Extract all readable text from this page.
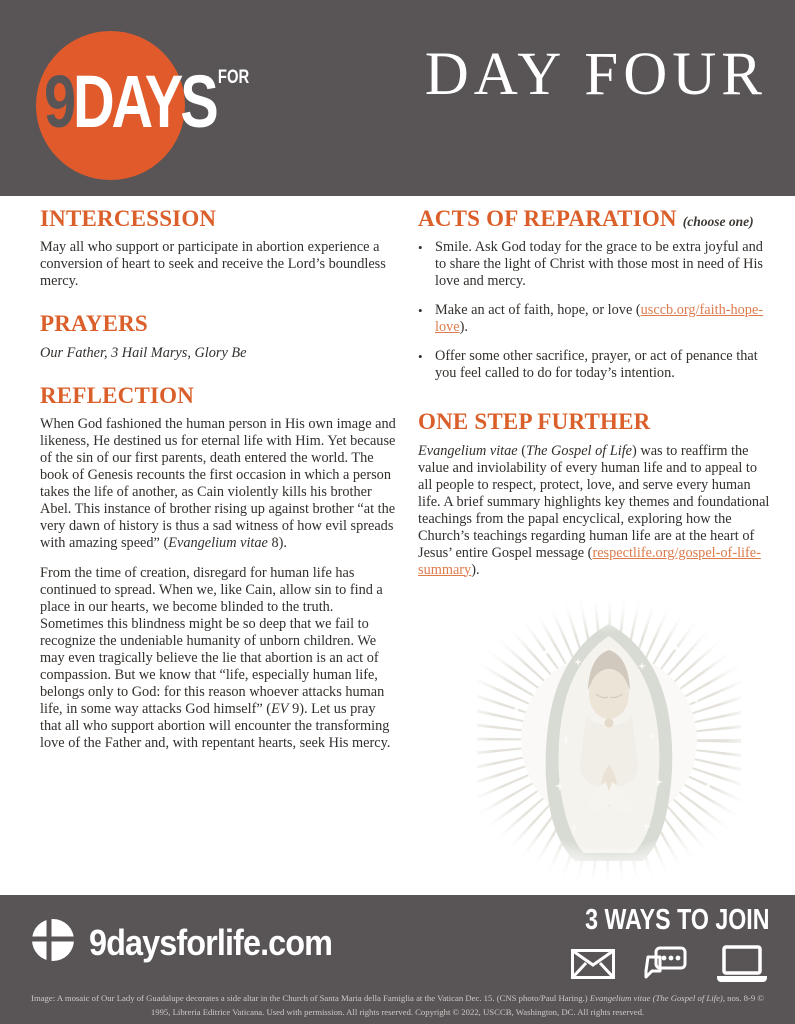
9 DAYS FOR
LIFE
DAY FOUR
INTERCESSION

May all who support or participate in abortion experience a conversion of heart to seek and receive the Lord’s boundless mercy.

PRAYERS

Our Father, 3 Hail Marys, Glory Be

REFLECTION

When God fashioned the human person in His own image and likeness, He destined us for eternal life with Him. Yet because of the sin of our first parents, death entered the world. The book of Genesis recounts the first occasion in which a person takes the life of another, as Cain violently kills his brother Abel. This instance of brother rising up against brother “at the very dawn of history is thus a sad witness of how evil spreads with amazing speed” (Evangelium vitae 8).

From the time of creation, disregard for human life has continued to spread. When we, like Cain, allow sin to find a place in our hearts, we become blinded to the truth. Sometimes this blindness might be so deep that we fail to recognize the undeniable humanity of unborn children. We may even tragically believe the lie that abortion is an act of compassion. But we know that “life, especially human life, belongs only to God: for this reason whoever attacks human life, in some way attacks God himself” (EV 9). Let us pray that all who support abortion will encounter the transforming love of the Father and, with repentant hearts, seek His mercy.

ACTS OF REPARATION (choose one)
• Smile. Ask God today for the grace to be extra joyful and to share the light of Christ with those most in need of His love and mercy.
• Make an act of faith, hope, or love (usccb.org/faith-hope-love).
• Offer some other sacrifice, prayer, or act of penance that you feel called to do for today’s intention.
ONE STEP FURTHER

Evangelium vitae (The Gospel of Life) was to reaffirm the value and inviolability of every human life and to appeal to all people to respect, protect, love, and serve every human life. A brief summary highlights key themes and foundational teachings from the papal encyclical, exploring how the Church’s teachings regarding human life are at the heart of Jesus’ entire Gospel message (respectlife.org/gospel-of-life-summary).

9daysforlife.com
3 WAYS TO JOIN
Image: A mosaic of Our Lady of Guadalupe decorates a side altar in the Church of Santa Maria della Famiglia at the Vatican Dec. 15. (CNS photo/Paul Haring.) Evangelium vitae (The Gospel of Life), nos. 8-9 © 1995, Libreria Editrice Vaticana. Used with permission. All rights reserved. Copyright © 2022, USCCB, Washington, DC. All rights reserved.
